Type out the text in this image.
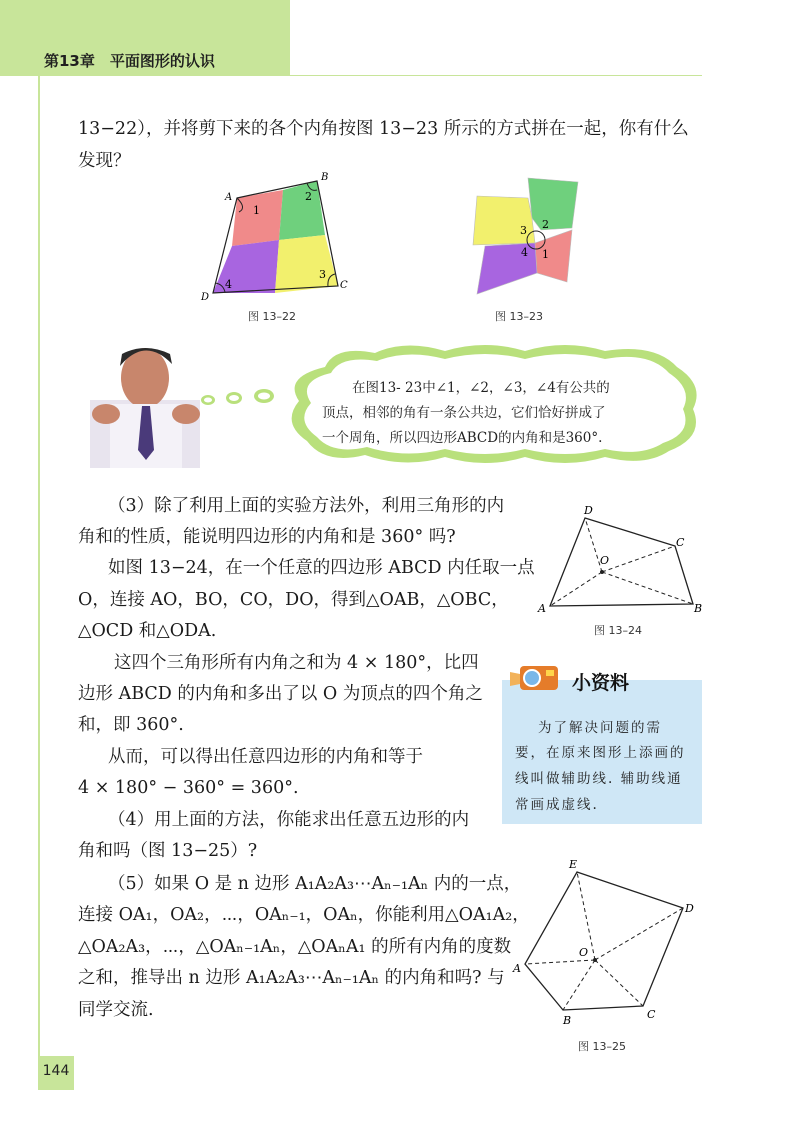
第13章　平面图形的认识
13−22），并将剪下来的各个内角按图 13−23 所示的方式拼在一起，你有什么
发现？
A
B
C
D
1
2
3
4
图 13–22
2
3
4 1
图 13–23
在图13- 23中∠1，∠2，∠3，∠4有公共的
顶点，相邻的角有一条公共边，它们恰好拼成了
一个周角，所以四边形ABCD的内角和是360°.
（3）除了利用上面的实验方法外，利用三角形的内
角和的性质，能说明四边形的内角和是 360° 吗?
如图 13−24，在一个任意的四边形 ABCD 内任取一点
O，连接 AO，BO，CO，DO，得到△OAB，△OBC，
△OCD 和△ODA.
这四个三角形所有内角之和为 4 × 180°，比四
边形 ABCD 的内角和多出了以 O 为顶点的四个角之
和，即 360°.
从而，可以得出任意四边形的内角和等于
4 × 180° − 360° = 360°.
（4）用上面的方法，你能求出任意五边形的内
角和吗（图 13−25）?
（5）如果 O 是 n 边形 A₁A₂A₃⋯Aₙ₋₁Aₙ 内的一点，
连接 OA₁，OA₂，⋯，OAₙ₋₁，OAₙ，你能利用△OA₁A₂，
△OA₂A₃，⋯，△OAₙ₋₁Aₙ，△OAₙA₁ 的所有内角的度数
之和，推导出 n 边形 A₁A₂A₃⋯Aₙ₋₁Aₙ 的内角和吗? 与
同学交流.
D
C
B
A
O
图 13–24
小资料
为了解决问题的需
要，在原来图形上添画的
线叫做辅助线. 辅助线通
常画成虚线.
E
D
C
B
A
O
图 13–25
144
